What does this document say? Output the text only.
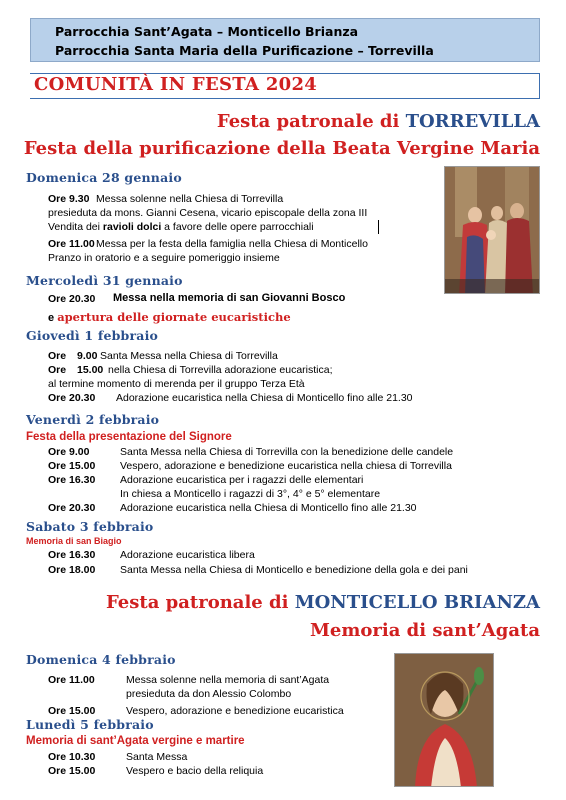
Parrocchia Sant’Agata – Monticello Brianza
Parrocchia Santa Maria della Purificazione – Torrevilla
COMUNITÀ IN FESTA 2024
Festa patronale di TORREVILLA
Festa della purificazione della Beata Vergine Maria
Domenica 28 gennaio
Ore 9.30 Messa solenne nella Chiesa di Torrevilla
presieduta da mons. Gianni Cesena, vicario episcopale della zona III
Vendita dei ravioli dolci a favore delle opere parrocchiali
Ore 11.00 Messa per la festa della famiglia nella Chiesa di Monticello
Pranzo in oratorio e a seguire pomeriggio insieme
Mercoledì 31 gennaio
Ore 20.30 Messa nella memoria di san Giovanni Bosco
e apertura delle giornate eucaristiche
Giovedì 1 febbraio
Ore 9.00 Santa Messa nella Chiesa di Torrevilla
Ore 15.00 nella Chiesa di Torrevilla adorazione eucaristica;
al termine momento di merenda per il gruppo Terza Età
Ore 20.30 Adorazione eucaristica nella Chiesa di Monticello fino alle 21.30
Venerdì 2 febbraio
Festa della presentazione del Signore
Ore 9.00	Santa Messa nella Chiesa di Torrevilla con la benedizione delle candele
Ore 15.00 Vespero, adorazione e benedizione eucaristica nella chiesa di Torrevilla
Ore 16.30 Adorazione eucaristica per i ragazzi delle elementari
In chiesa a Monticello i ragazzi di 3°, 4° e 5° elementare
Ore 20.30 Adorazione eucaristica nella Chiesa di Monticello fino alle 21.30
Sabato 3 febbraio
Memoria di san Biagio
Ore 16.30 Adorazione eucaristica libera
Ore 18.00 Santa Messa nella Chiesa di Monticello e benedizione della gola e dei pani
Festa patronale di MONTICELLO BRIANZA
Memoria di sant’Agata
Domenica 4 febbraio
Ore 11.00	Messa solenne nella memoria di sant’Agata
presieduta da don Alessio Colombo
Ore 15.00	Vespero, adorazione e benedizione eucaristica
Lunedì 5 febbraio
Memoria di sant’Agata vergine e martire
Ore 10.30	Santa Messa
Ore 15.00	Vespero e bacio della reliquia
